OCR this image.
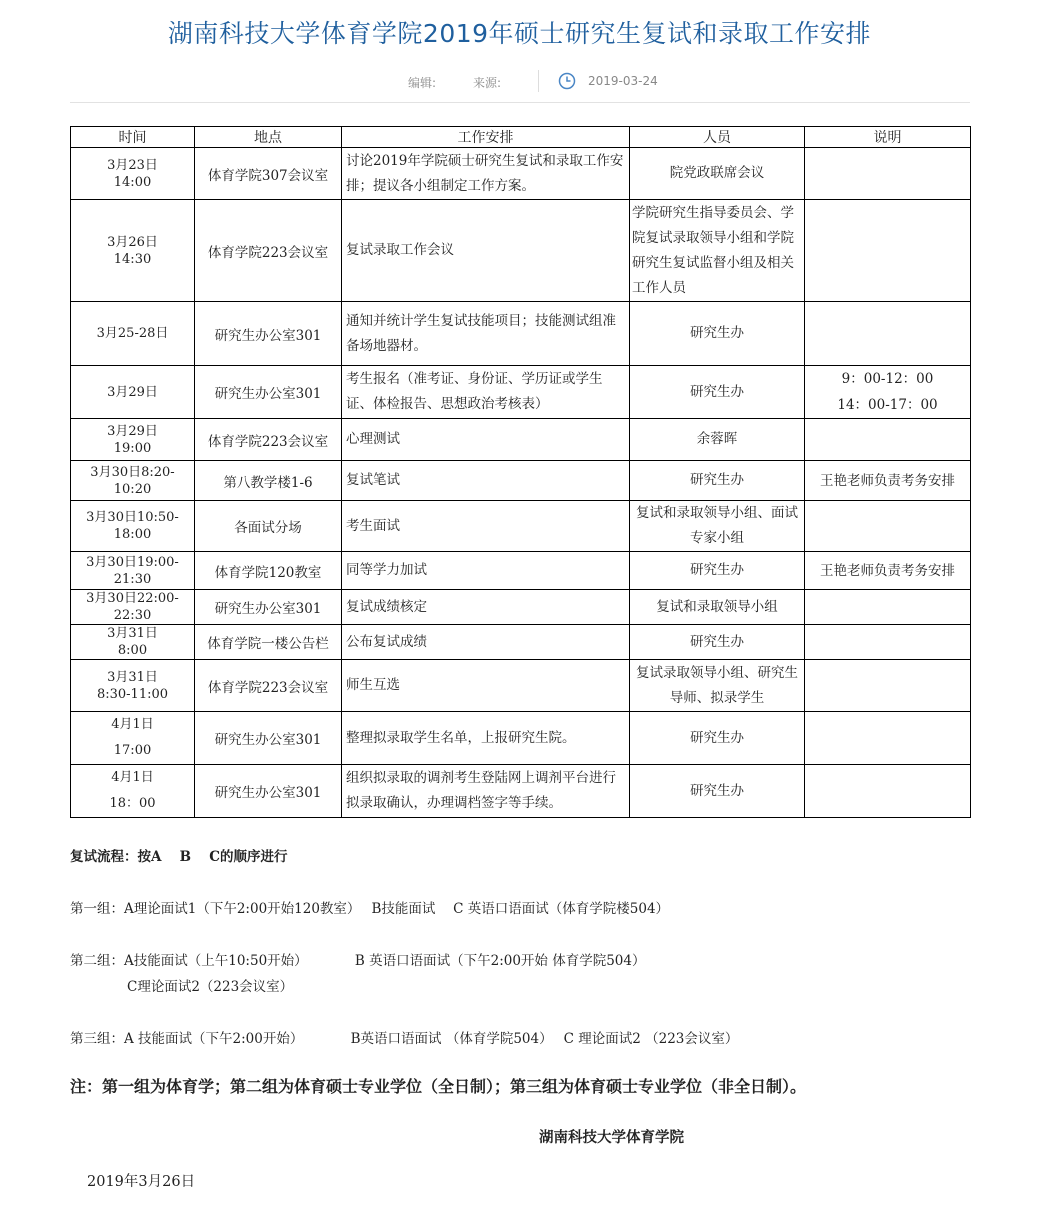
湖南科技大学体育学院2019年硕士研究生复试和录取工作安排
编辑:	来源:	2019-03-24
时间	地点	工作安排	人员	说明

3月23日
14:00	体育学院307会议室	讨论2019年学院硕士研究生复试和录取工作安排；提议各小组制定工作方案。	院党政联席会议	

3月26日
14:30	体育学院223会议室	复试录取工作会议	学院研究生指导委员会、学院复试录取领导小组和学院研究生复试监督小组及相关工作人员	

3月25-28日	研究生办公室301	通知并统计学生复试技能项目；技能测试组准备场地器材。	研究生办	

3月29日	研究生办公室301	考生报名（准考证、身份证、学历证或学生证、体检报告、思想政治考核表）	研究生办	9：00-12：00
14：00-17：00

3月29日
19:00	体育学院223会议室	心理测试	余蓉晖	

3月30日8:20-
10:20	第八教学楼1-6	复试笔试	研究生办	王艳老师负责考务安排

3月30日10:50-
18:00	各面试分场	考生面试	复试和录取领导小组、面试专家小组	

3月30日19:00-
21:30	体育学院120教室	同等学力加试	研究生办	王艳老师负责考务安排

3月30日22:00-
22:30	研究生办公室301	复试成绩核定	复试和录取领导小组	

3月31日
8:00	体育学院一楼公告栏	公布复试成绩	研究生办	

3月31日
8:30-11:00	体育学院223会议室	师生互选	复试录取领导小组、研究生导师、拟录学生	

4月1日
17:00	研究生办公室301	整理拟录取学生名单，上报研究生院。	研究生办	

4月1日
18：00	研究生办公室301	组织拟录取的调剂考生登陆网上调剂平台进行拟录取确认，办理调档签字等手续。	研究生办	
复试流程：按A　 B　 C的顺序进行
第一组：A理论面试1（下午2:00开始120教室）　 B技能面试　 C 英语口语面试（体育学院楼504）
第二组：A技能面试（上午10:50开始）　　　　B 英语口语面试（下午2:00开始 体育学院504）
C理论面试2（223会议室）
第三组：A 技能面试（下午2:00开始）　　　　B英语口语面试 （体育学院504）　 C 理论面试2 （223会议室）
注：第一组为体育学；第二组为体育硕士专业学位（全日制）；第三组为体育硕士专业学位（非全日制）。
湖南科技大学体育学院
2019年3月26日
